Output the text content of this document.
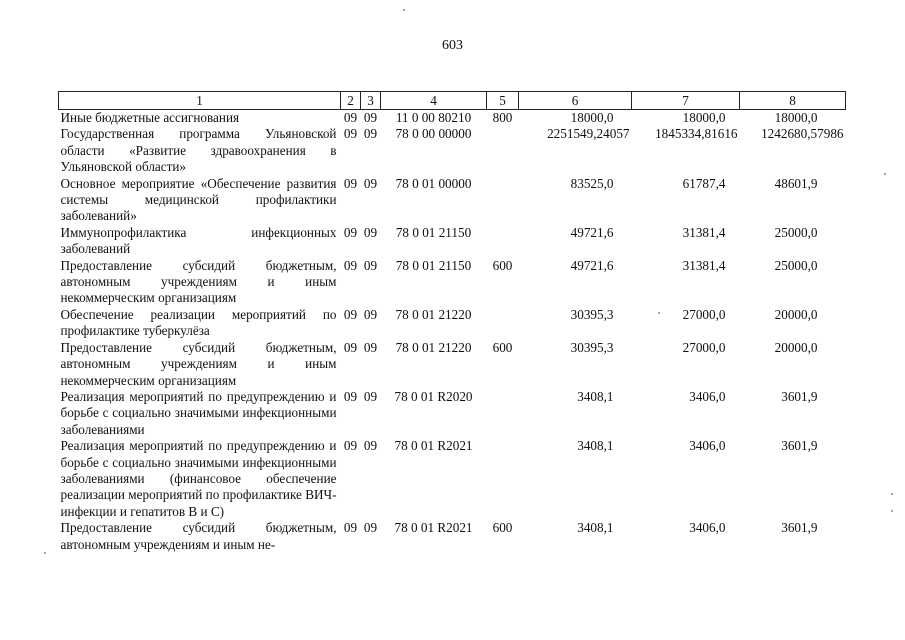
603
1	2	3	4	5	6	7	8
Иные бюджетные ассигнования	09	09	11 0 00 80210	800	18000,0	18000,0	18000,0
Государственная программа Ульяновской области «Развитие здравоохранения в Ульяновской области»	09	09	78 0 00 00000		2251549,24057	1845334,81616	1242680,57986
Основное мероприятие «Обеспечение развития системы медицинской профилактики заболеваний»	09	09	78 0 01 00000		83525,0	61787,4	48601,9
Иммунопрофилактика инфекционных заболеваний	09	09	78 0 01 21150		49721,6	31381,4	25000,0
Предоставление субсидий бюджетным, автономным учреждениям и иным некоммерческим организациям	09	09	78 0 01 21150	600	49721,6	31381,4	25000,0
Обеспечение реализации мероприятий по профилактике туберкулёза	09	09	78 0 01 21220		30395,3	27000,0	20000,0
Предоставление субсидий бюджетным, автономным учреждениям и иным некоммерческим организациям	09	09	78 0 01 21220	600	30395,3	27000,0	20000,0
Реализация мероприятий по предупреждению и борьбе с социально значимыми инфекционными заболеваниями	09	09	78 0 01 R2020		3408,1	3406,0	3601,9
Реализация мероприятий по предупреждению и борьбе с социально значимыми инфекционными заболеваниями (финансовое обеспечение реализации мероприятий по профилактике ВИЧ-инфекции и гепатитов В и С)	09	09	78 0 01 R2021		3408,1	3406,0	3601,9
Предоставление субсидий бюджетным, автономным учреждениям и иным не-	09	09	78 0 01 R2021	600	3408,1	3406,0	3601,9
